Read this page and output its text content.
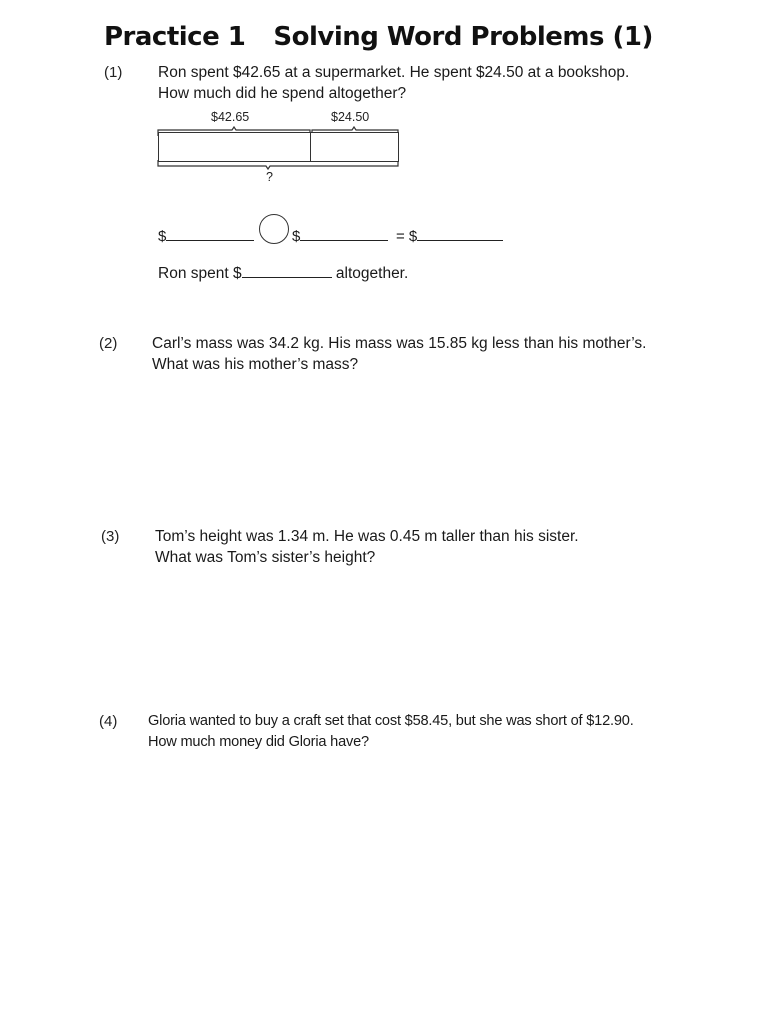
Practice 1 Solving Word Problems (1)
(1) Ron spent $42.65 at a supermarket. He spent $24.50 at a bookshop.
How much did he spend altogether?
$42.65	$24.50
?
$	$	= $
Ron spent $	altogether.
(2) Carl’s mass was 34.2 kg. His mass was 15.85 kg less than his mother’s.
What was his mother’s mass?
(3) Tom’s height was 1.34 m. He was 0.45 m taller than his sister.
What was Tom’s sister’s height?
(4) Gloria wanted to buy a craft set that cost $58.45, but she was short of $12.90.
How much money did Gloria have?
